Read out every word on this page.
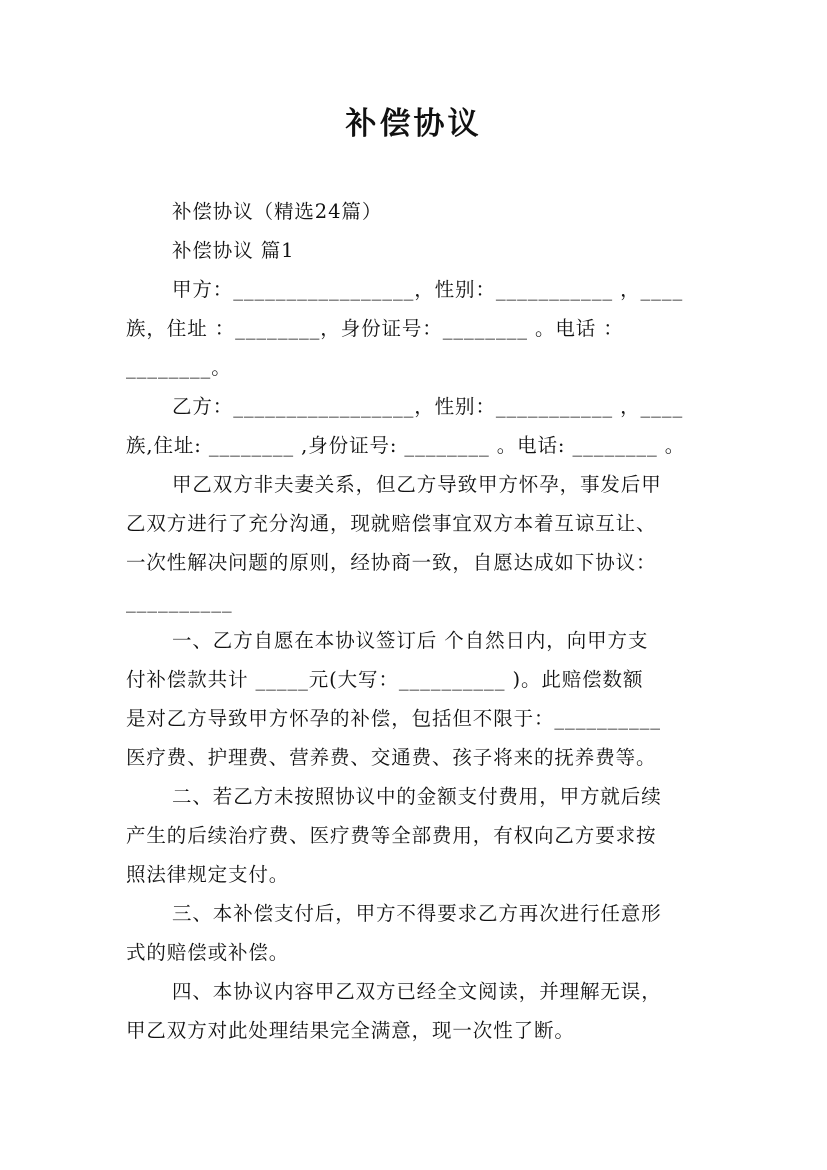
补偿协议
补偿协议（精选24篇）
补偿协议 篇1
甲方：_________________，性别：___________ ，____
族，住址 ：________，身份证号：________ 。电话 ：
________。
乙方：_________________，性别：___________ ，____
族,住址: ________ ,身份证号: ________ 。电话: ________ 。
甲乙双方非夫妻关系，但乙方导致甲方怀孕，事发后甲
乙双方进行了充分沟通，现就赔偿事宜双方本着互谅互让、
一次性解决问题的原则，经协商一致，自愿达成如下协议：
__________
一、乙方自愿在本协议签订后 个自然日内，向甲方支
付补偿款共计 _____元(大写：__________ )。此赔偿数额
是对乙方导致甲方怀孕的补偿，包括但不限于：__________
医疗费、护理费、营养费、交通费、孩子将来的抚养费等。
二、若乙方未按照协议中的金额支付费用，甲方就后续
产生的后续治疗费、医疗费等全部费用，有权向乙方要求按
照法律规定支付。
三、本补偿支付后，甲方不得要求乙方再次进行任意形
式的赔偿或补偿。
四、本协议内容甲乙双方已经全文阅读，并理解无误，
甲乙双方对此处理结果完全满意，现一次性了断。
